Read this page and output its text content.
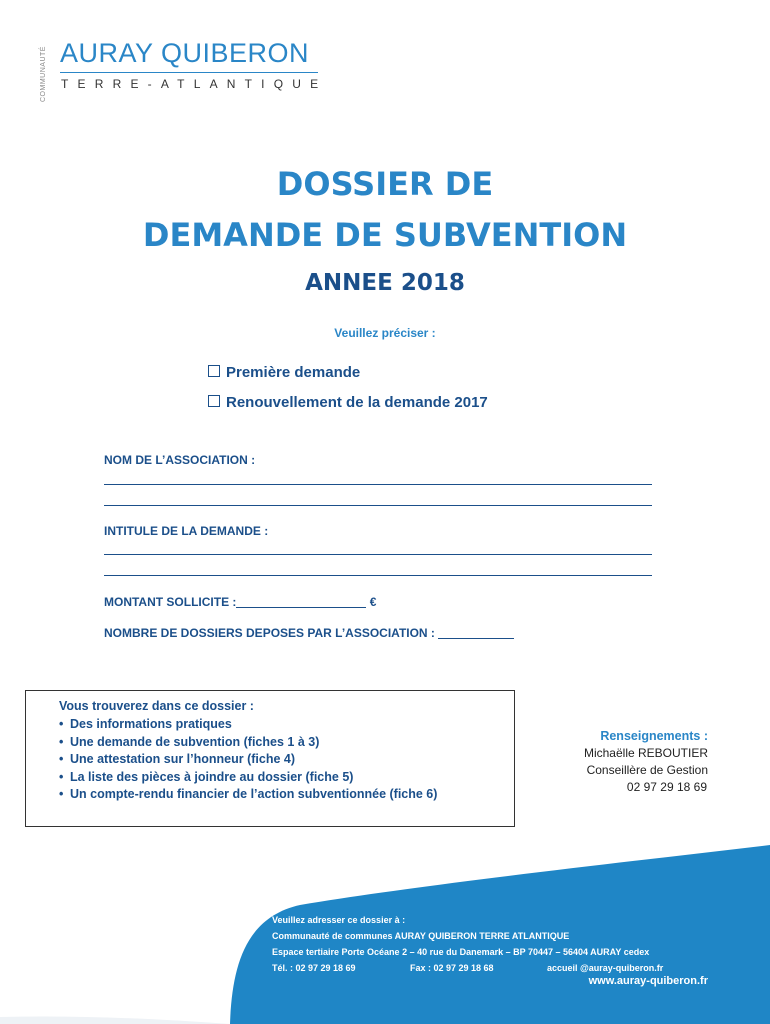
COMMUNAUTÉ AURAY QUIBERON
TERRE-ATLANTIQUE
DOSSIER DE
DEMANDE DE SUBVENTION
ANNEE 2018
Veuillez préciser :
Première demande
Renouvellement de la demande 2017
NOM DE L’ASSOCIATION :
INTITULE DE LA DEMANDE :
MONTANT SOLLICITE :	€
NOMBRE DE DOSSIERS DEPOSES PAR L’ASSOCIATION :
Vous trouverez dans ce dossier :
• Des informations pratiques
• Une demande de subvention (fiches 1 à 3)
• Une attestation sur l’honneur (fiche 4)
• La liste des pièces à joindre au dossier (fiche 5)
• Un compte-rendu financier de l’action subventionnée (fiche 6)
Renseignements :
Michaëlle REBOUTIER
Conseillère de Gestion
02 97 29 18 69
Veuillez adresser ce dossier à :
Communauté de communes AURAY QUIBERON TERRE ATLANTIQUE
Espace tertiaire Porte Océane 2 – 40 rue du Danemark – BP 70447 – 56404 AURAY cedex
Tél. : 02 97 29 18 69	Fax : 02 97 29 18 68	accueil @auray-quiberon.fr
www.auray-quiberon.fr
